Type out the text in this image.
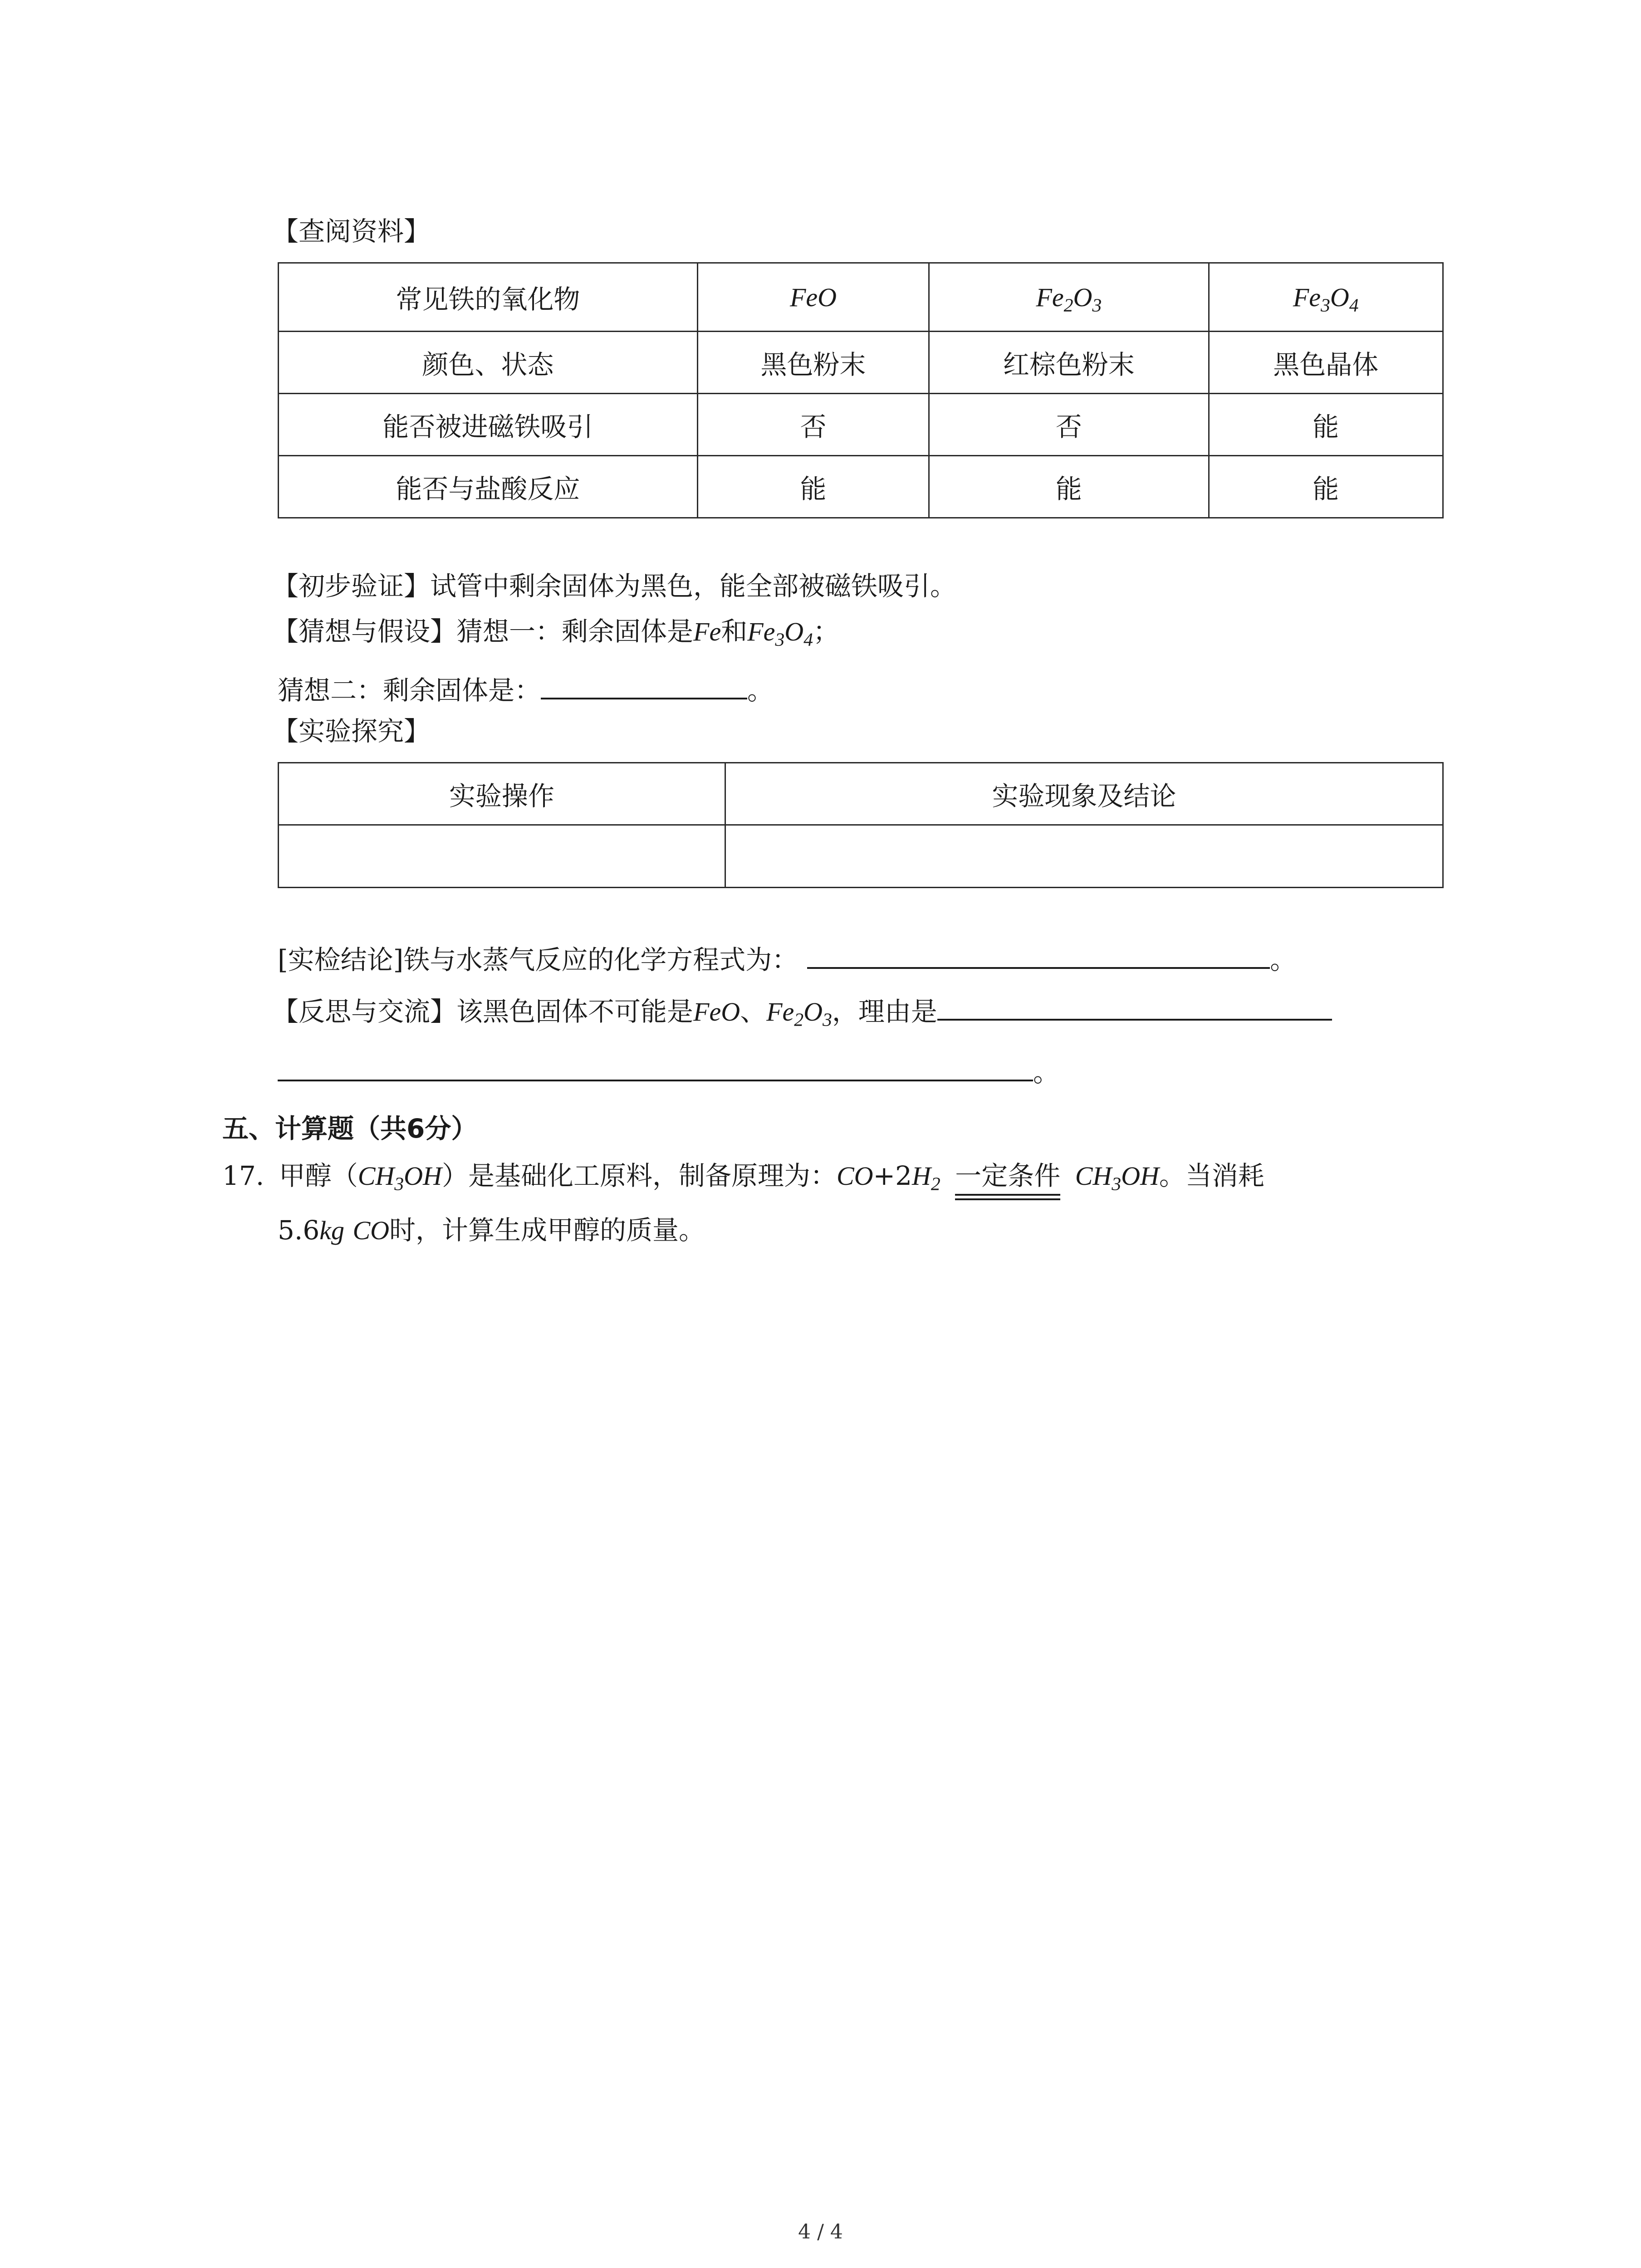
【查阅资料】
常见铁的氧化物	FeO	$Fe_2O_3$	$Fe_3O_4$
颜色、状态	黑色粉末	红棕色粉末	黑色晶体
能否被进磁铁吸引	否	否	能
能否与盐酸反应	能	能	能
【初步验证】试管中剩余固体为黑色，能全部被磁铁吸引。
【猜想与假设】猜想一：剩余固体是Fe和$Fe_3O_4$；
猜想二：剩余固体是：	。
【实验探究】
实验操作	实验现象及结论

[实检结论]铁与水蒸气反应的化学方程式为：	。
【反思与交流】该黑色固体不可能是FeO、$Fe_2O_3$，理由是
。
五、计算题（共6分）
17. 甲醇$(CH_3OH)$是基础化工原料，制备原理为：$CO+2H_2$ 一定条件 $CH_3OH$。当消耗
5.6kg CO时，计算生成甲醇的质量。
4 / 4
